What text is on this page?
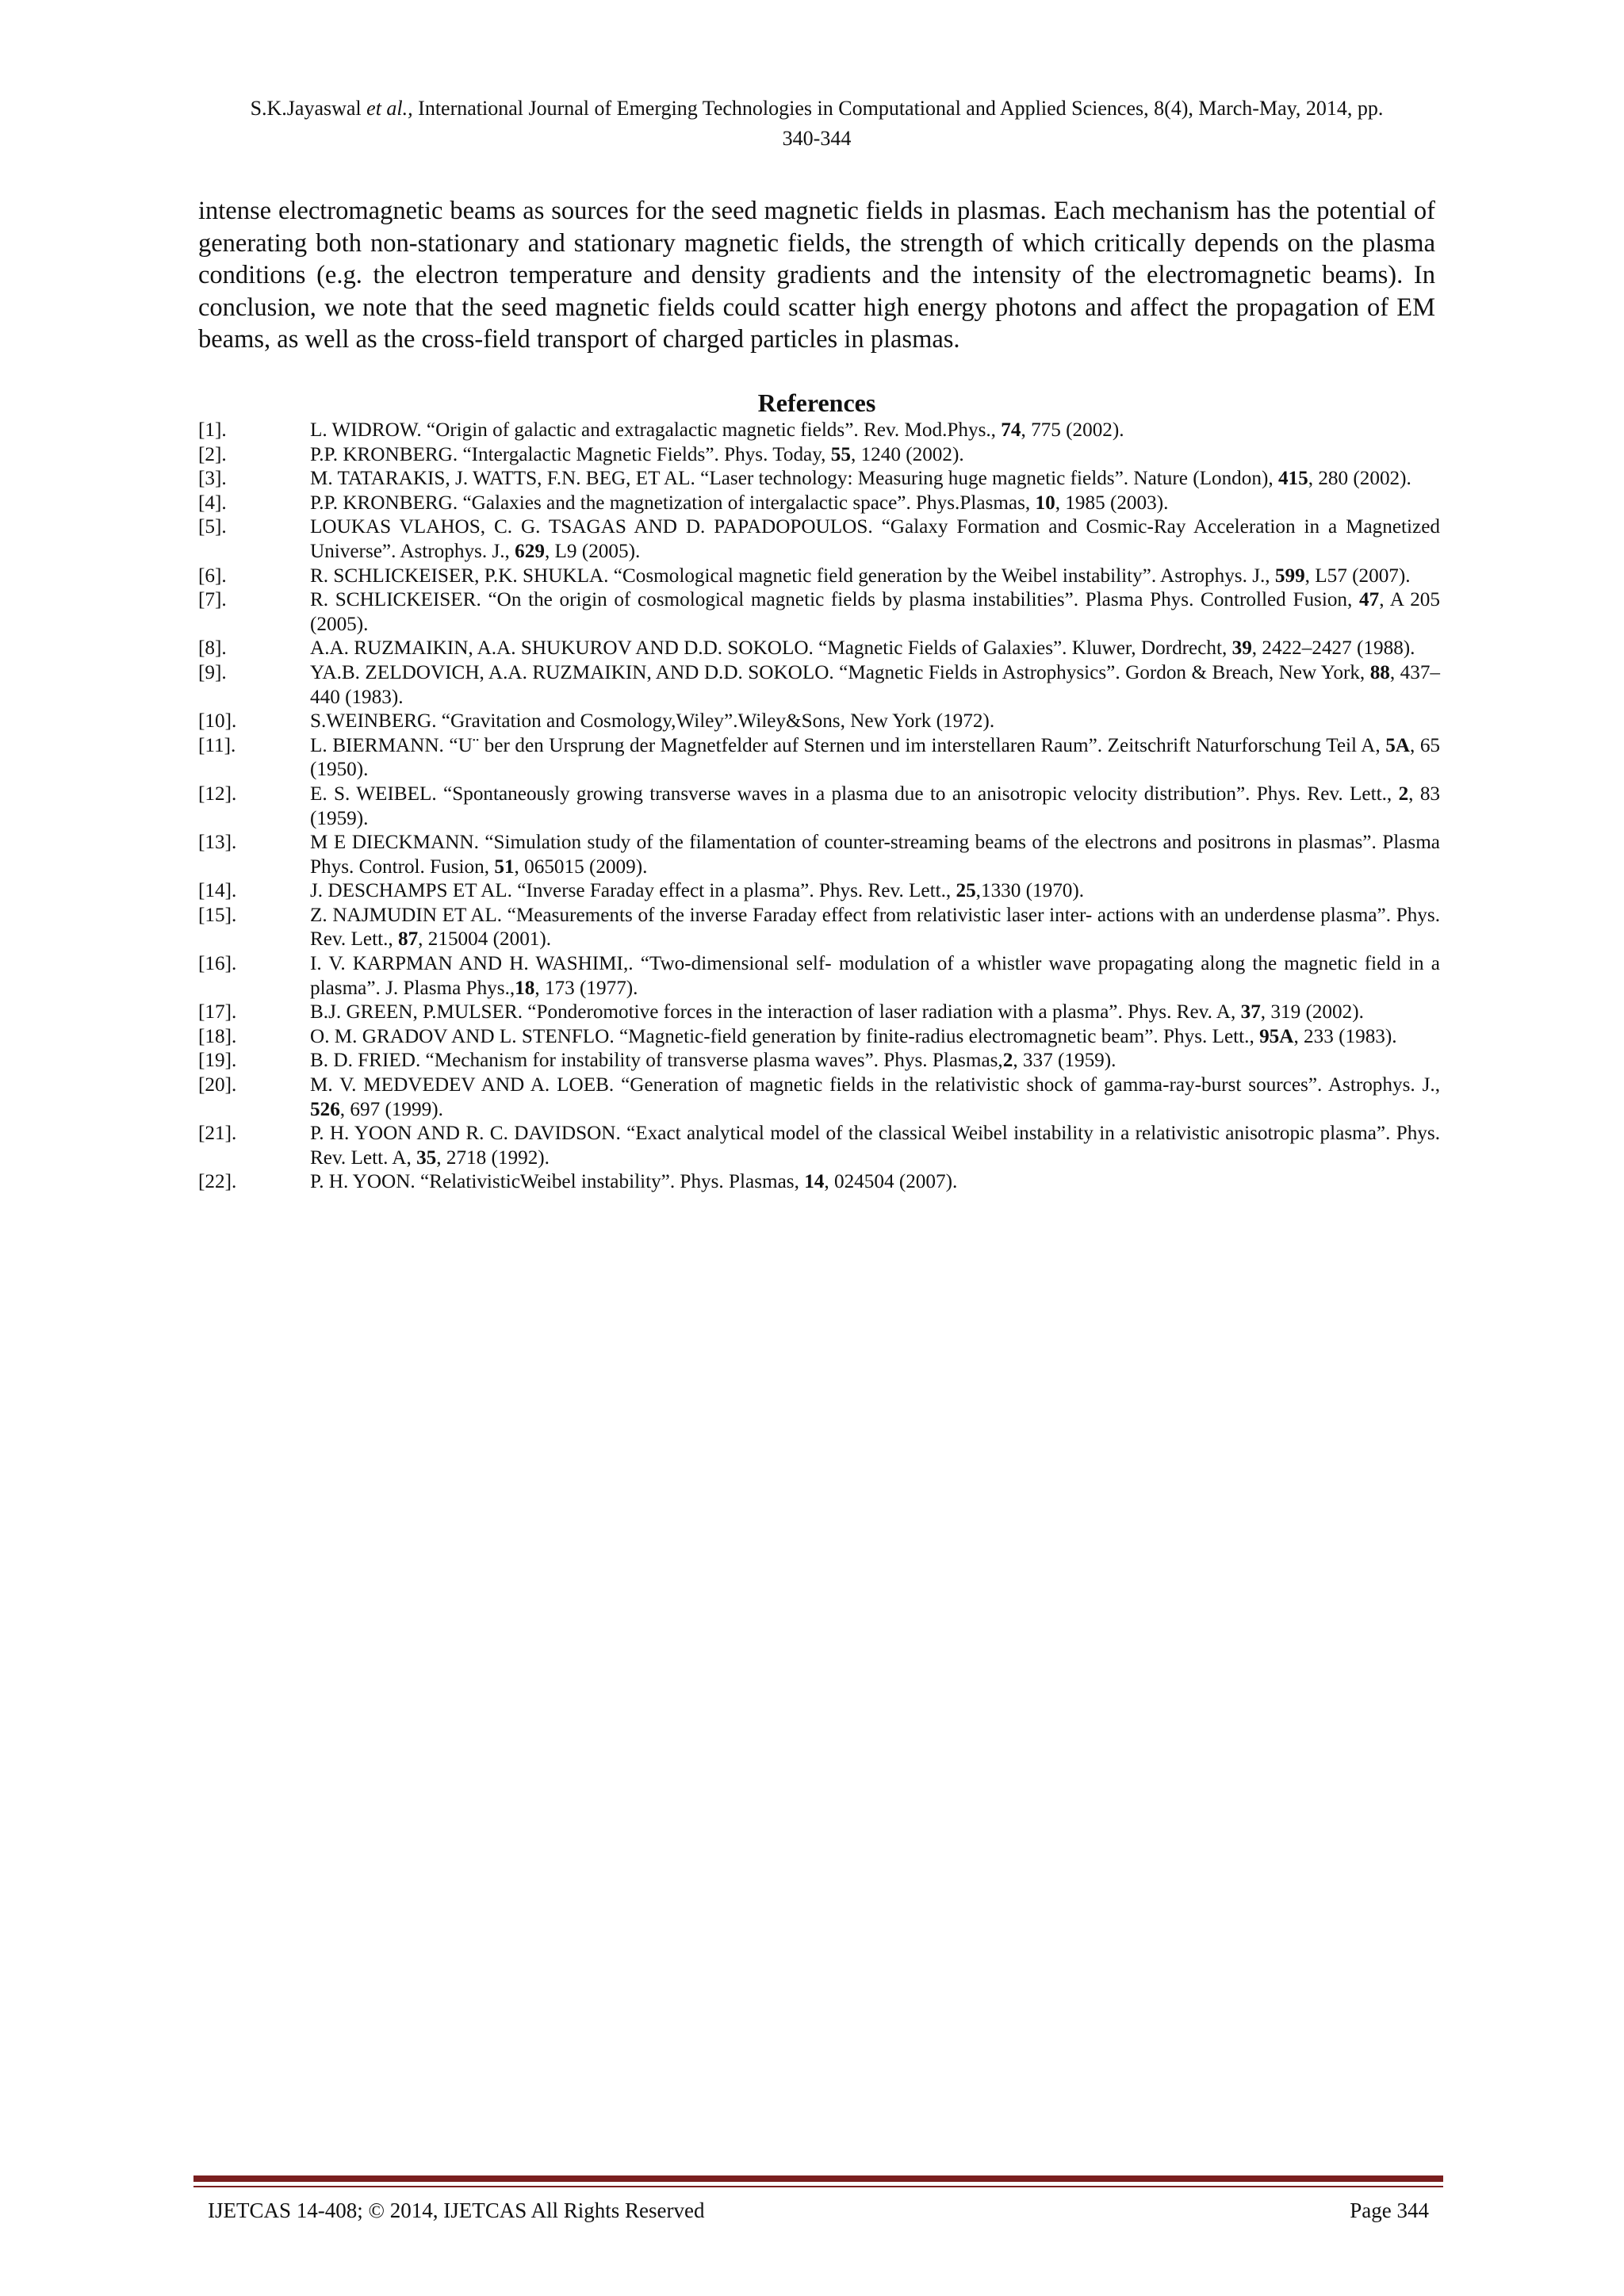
S.K.Jayaswal et al., International Journal of Emerging Technologies in Computational and Applied Sciences, 8(4), March-May, 2014, pp.
340-344

intense electromagnetic beams as sources for the seed magnetic fields in plasmas. Each mechanism has the potential of generating both non-stationary and stationary magnetic fields, the strength of which critically depends on the plasma conditions (e.g. the electron temperature and density gradients and the intensity of the electromagnetic beams). In conclusion, we note that the seed magnetic fields could scatter high energy photons and affect the propagation of EM beams, as well as the cross-field transport of charged particles in plasmas.

References
[1].	L. WIDROW. “Origin of galactic and extragalactic magnetic fields”. Rev. Mod.Phys., 74, 775 (2002).
[2].	P.P. KRONBERG. “Intergalactic Magnetic Fields”. Phys. Today, 55, 1240 (2002).
[3].	M. TATARAKIS, J. WATTS, F.N. BEG, ET AL. “Laser technology: Measuring huge magnetic fields”. Nature (London), 415, 280 (2002).
[4].	P.P. KRONBERG. “Galaxies and the magnetization of intergalactic space”. Phys.Plasmas, 10, 1985 (2003).
[5].	LOUKAS VLAHOS, C. G. TSAGAS AND D. PAPADOPOULOS. “Galaxy Formation and Cosmic-Ray Acceleration in a Magnetized Universe”. Astrophys. J., 629, L9 (2005).
[6].	R. SCHLICKEISER, P.K. SHUKLA. “Cosmological magnetic field generation by the Weibel instability”. Astrophys. J., 599, L57 (2007).
[7].	R. SCHLICKEISER. “On the origin of cosmological magnetic fields by plasma instabilities”. Plasma Phys. Controlled Fusion, 47, A 205 (2005).
[8].	A.A. RUZMAIKIN, A.A. SHUKUROV AND D.D. SOKOLO. “Magnetic Fields of Galaxies”. Kluwer, Dordrecht, 39, 2422–2427 (1988).
[9].	YA.B. ZELDOVICH, A.A. RUZMAIKIN, AND D.D. SOKOLO. “Magnetic Fields in Astrophysics”. Gordon & Breach, New York, 88, 437–440 (1983).
[10].	S.WEINBERG. “Gravitation and Cosmology,Wiley”.Wiley&Sons, New York (1972).
[11].	L. BIERMANN. “U¨ ber den Ursprung der Magnetfelder auf Sternen und im interstellaren Raum”. Zeitschrift Naturforschung Teil A, 5A, 65 (1950).
[12].	E. S. WEIBEL. “Spontaneously growing transverse waves in a plasma due to an anisotropic velocity distribution”. Phys. Rev. Lett., 2, 83 (1959).
[13].	M E DIECKMANN. “Simulation study of the filamentation of counter-streaming beams of the electrons and positrons in plasmas”. Plasma Phys. Control. Fusion, 51, 065015 (2009).
[14].	J. DESCHAMPS ET AL. “Inverse Faraday effect in a plasma”. Phys. Rev. Lett., 25,1330 (1970).
[15].	Z. NAJMUDIN ET AL. “Measurements of the inverse Faraday effect from relativistic laser inter- actions with an underdense plasma”. Phys. Rev. Lett., 87, 215004 (2001).
[16].	I. V. KARPMAN AND H. WASHIMI,. “Two-dimensional self- modulation of a whistler wave propagating along the magnetic field in a plasma”. J. Plasma Phys.,18, 173 (1977).
[17].	B.J. GREEN, P.MULSER. “Ponderomotive forces in the interaction of laser radiation with a plasma”. Phys. Rev. A, 37, 319 (2002).
[18].	O. M. GRADOV AND L. STENFLO. “Magnetic-field generation by finite-radius electromagnetic beam”. Phys. Lett., 95A, 233 (1983).
[19].	B. D. FRIED. “Mechanism for instability of transverse plasma waves”. Phys. Plasmas,2, 337 (1959).
[20].	M. V. MEDVEDEV AND A. LOEB. “Generation of magnetic fields in the relativistic shock of gamma-ray-burst sources”. Astrophys. J., 526, 697 (1999).
[21].	P. H. YOON AND R. C. DAVIDSON. “Exact analytical model of the classical Weibel instability in a relativistic anisotropic plasma”. Phys. Rev. Lett. A, 35, 2718 (1992).
[22].	P. H. YOON. “RelativisticWeibel instability”. Phys. Plasmas, 14, 024504 (2007).
IJETCAS 14-408; © 2014, IJETCAS All Rights Reserved	Page 344
